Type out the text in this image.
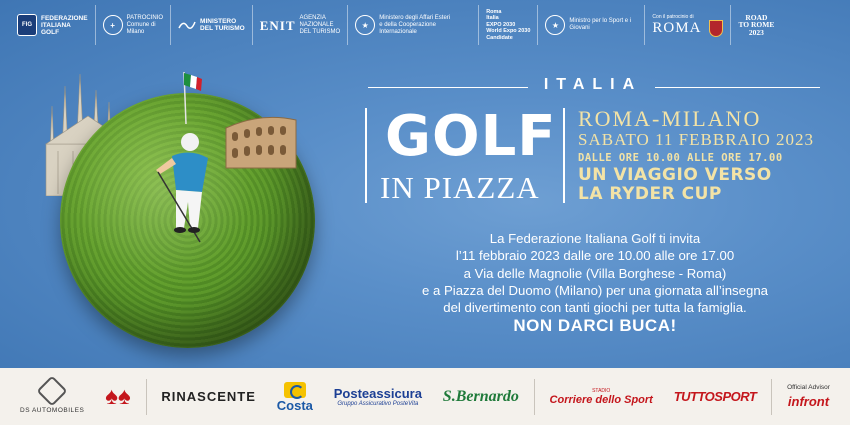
FIG
FEDERAZIONE
ITALIANA
GOLF
+
PATROCINIO
Comune di
Milano
MINISTERO
DEL TURISMO ENIT AGENZIA
NAZIONALE
DEL TURISMO
★
Ministero degli Affari Esteri
e della Cooperazione Internazionale
Roma
Italia
EXPO 2030
World Expo 2030
Candidate
★	Ministro per lo Sport e i Giovani
Con il patrocinio di
ROMA
ROAD
TO ROME
2023
ITALIA
GOLF
IN PIAZZA
ROMA-MILANO
SABATO 11 FEBBRAIO 2023
DALLE ORE 10.00 ALLE ORE 17.00
UN VIAGGIO VERSO
LA RYDER CUP
La Federazione Italiana Golf ti invita
l’11 febbraio 2023 dalle ore 10.00 alle ore 17.00
a Via delle Magnolie (Villa Borghese - Roma)
e a Piazza del Duomo (Milano) per una giornata all’insegna
del divertimento con tanti giochi per tutta la famiglia.
NON DARCI BUCA!
DS AUTOMOBILES
♠♠ RINASCENTE
Costa
Posteassicura
Gruppo Assicurativo PosteVita S.Bernardo	STADIO
Corriere dello Sport TUTTOSPORT
Official Advisor
infront
